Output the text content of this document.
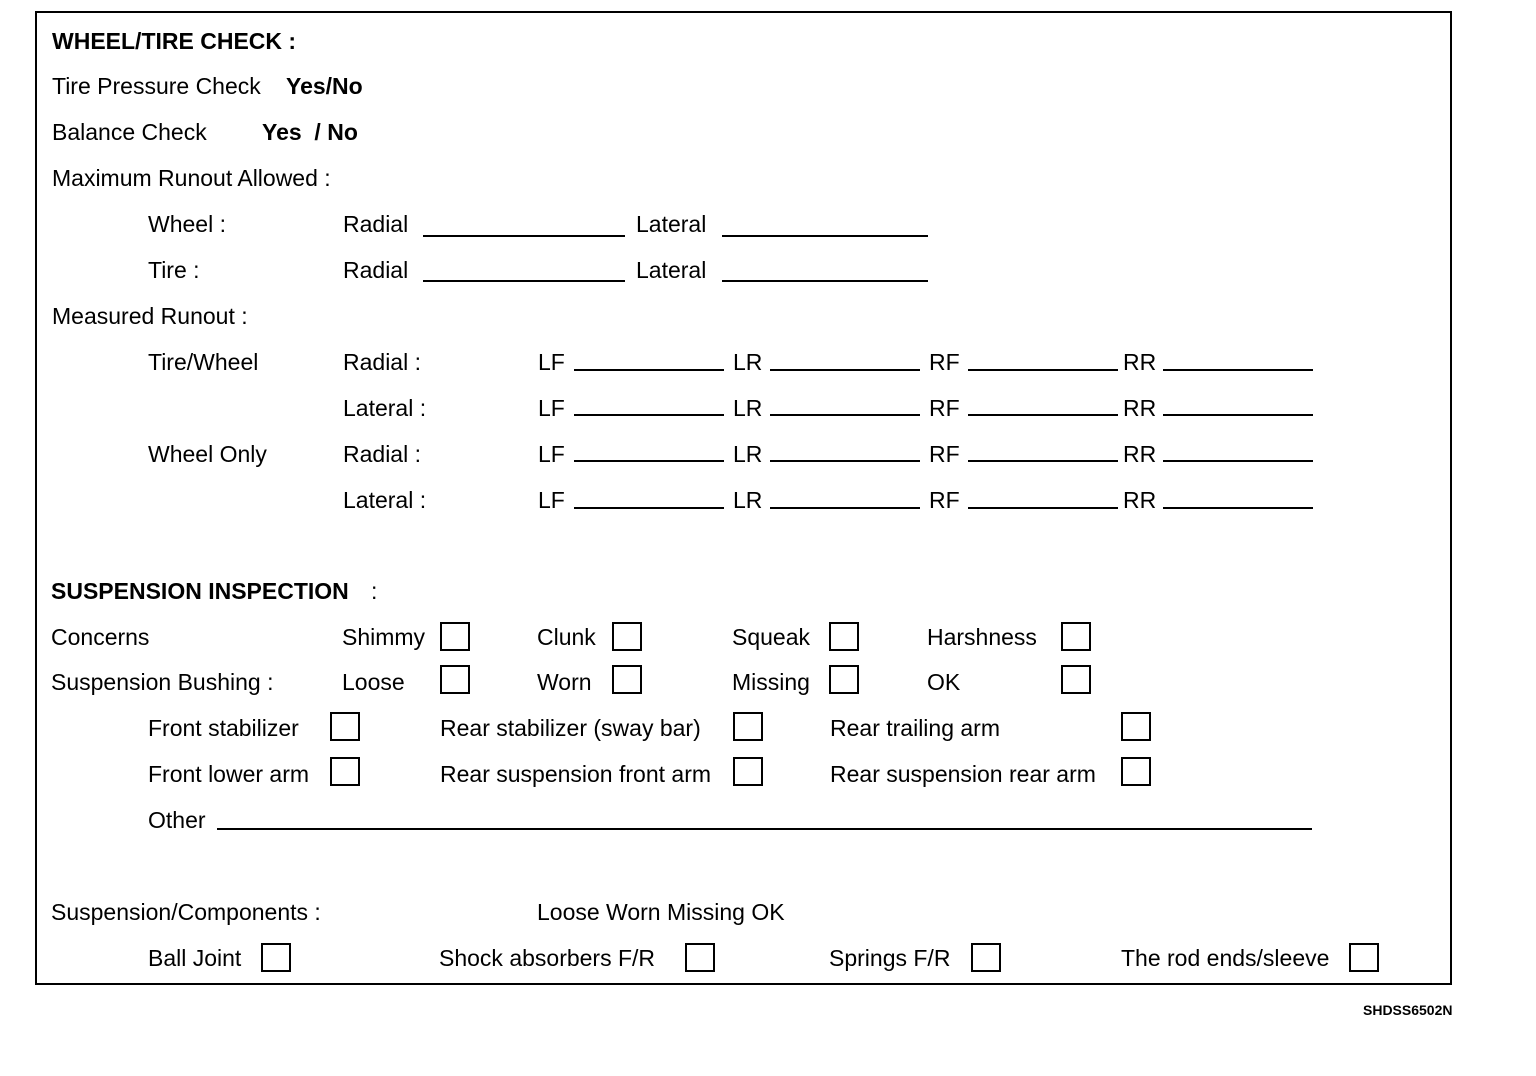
WHEEL/TIRE CHECK :
Tire Pressure Check Yes/No
Balance Check Yes  / No
Maximum Runout Allowed :
Wheel :	Radial	Lateral
Tire :	Radial	Lateral
Measured Runout :
Tire/Wheel	Radial :	LF	LR	RF	RR
Lateral :	LF	LR	RF	RR
Wheel Only	Radial :	LF	LR	RF	RR
Lateral :	LF	LR	RF	RR
SUSPENSION INSPECTION :
Concerns	Shimmy	Clunk	Squeak	Harshness
Suspension Bushing :	Loose	Worn	Missing	OK
Front stabilizer	Rear stabilizer (sway bar)	Rear trailing arm
Front lower arm	Rear suspension front arm	Rear suspension rear arm
Other
Suspension/Components :	Loose Worn Missing OK
Ball Joint	Shock absorbers F/R	Springs F/R	The rod ends/sleeve
SHDSS6502N
